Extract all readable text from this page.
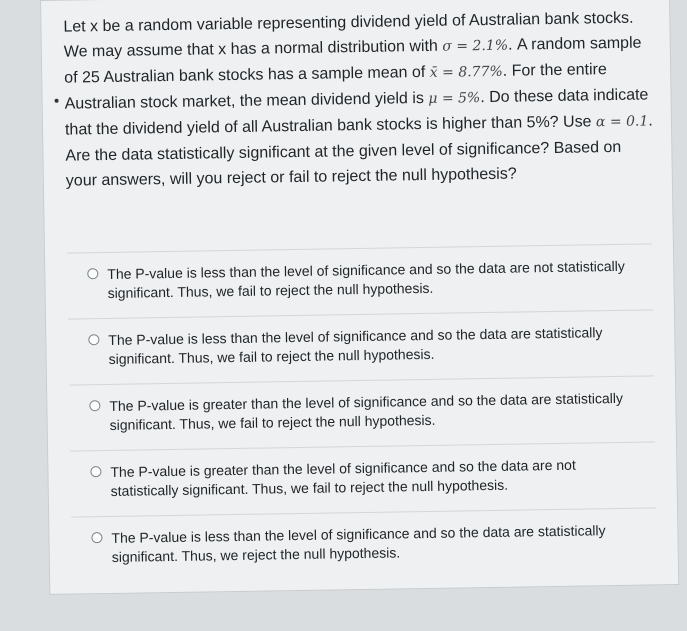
Let x be a random variable representing dividend yield of Australian bank stocks. We may assume that x has a normal distribution with σ = 2.1%. A random sample of 25 Australian bank stocks has a sample mean of x̄ = 8.77%. For the entire Australian stock market, the mean dividend yield is μ = 5%. Do these data indicate that the dividend yield of all Australian bank stocks is higher than 5%? Use α = 0.1. Are the data statistically significant at the given level of significance? Based on your answers, will you reject or fail to reject the null hypothesis?
The P-value is less than the level of significance and so the data are not statistically significant. Thus, we fail to reject the null hypothesis.
The P-value is less than the level of significance and so the data are statistically significant. Thus, we fail to reject the null hypothesis.
The P-value is greater than the level of significance and so the data are statistically significant. Thus, we fail to reject the null hypothesis.
The P-value is greater than the level of significance and so the data are not statistically significant. Thus, we fail to reject the null hypothesis.
The P-value is less than the level of significance and so the data are statistically significant. Thus, we reject the null hypothesis.
